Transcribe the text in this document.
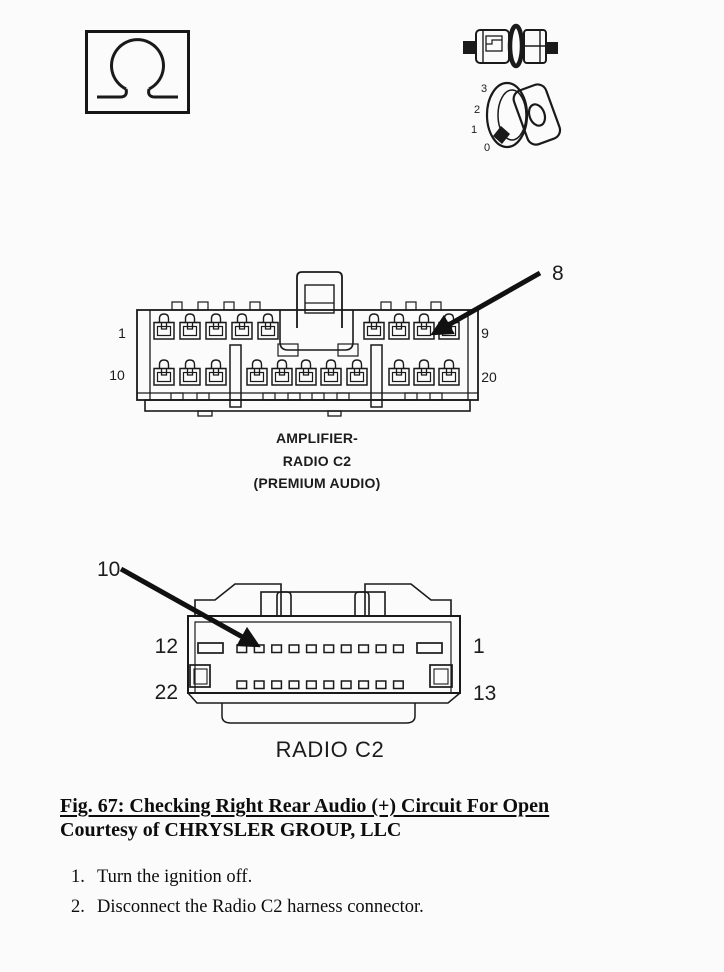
3
2
1
0
1
10
9
20
8
AMPLIFIER-
RADIO C2
(PREMIUM AUDIO)
12
22
1
13
10
RADIO C2
Fig. 67: Checking Right Rear Audio (+) Circuit For Open
Courtesy of CHRYSLER GROUP, LLC
1. Turn the ignition off.
2. Disconnect the Radio C2 harness connector.
